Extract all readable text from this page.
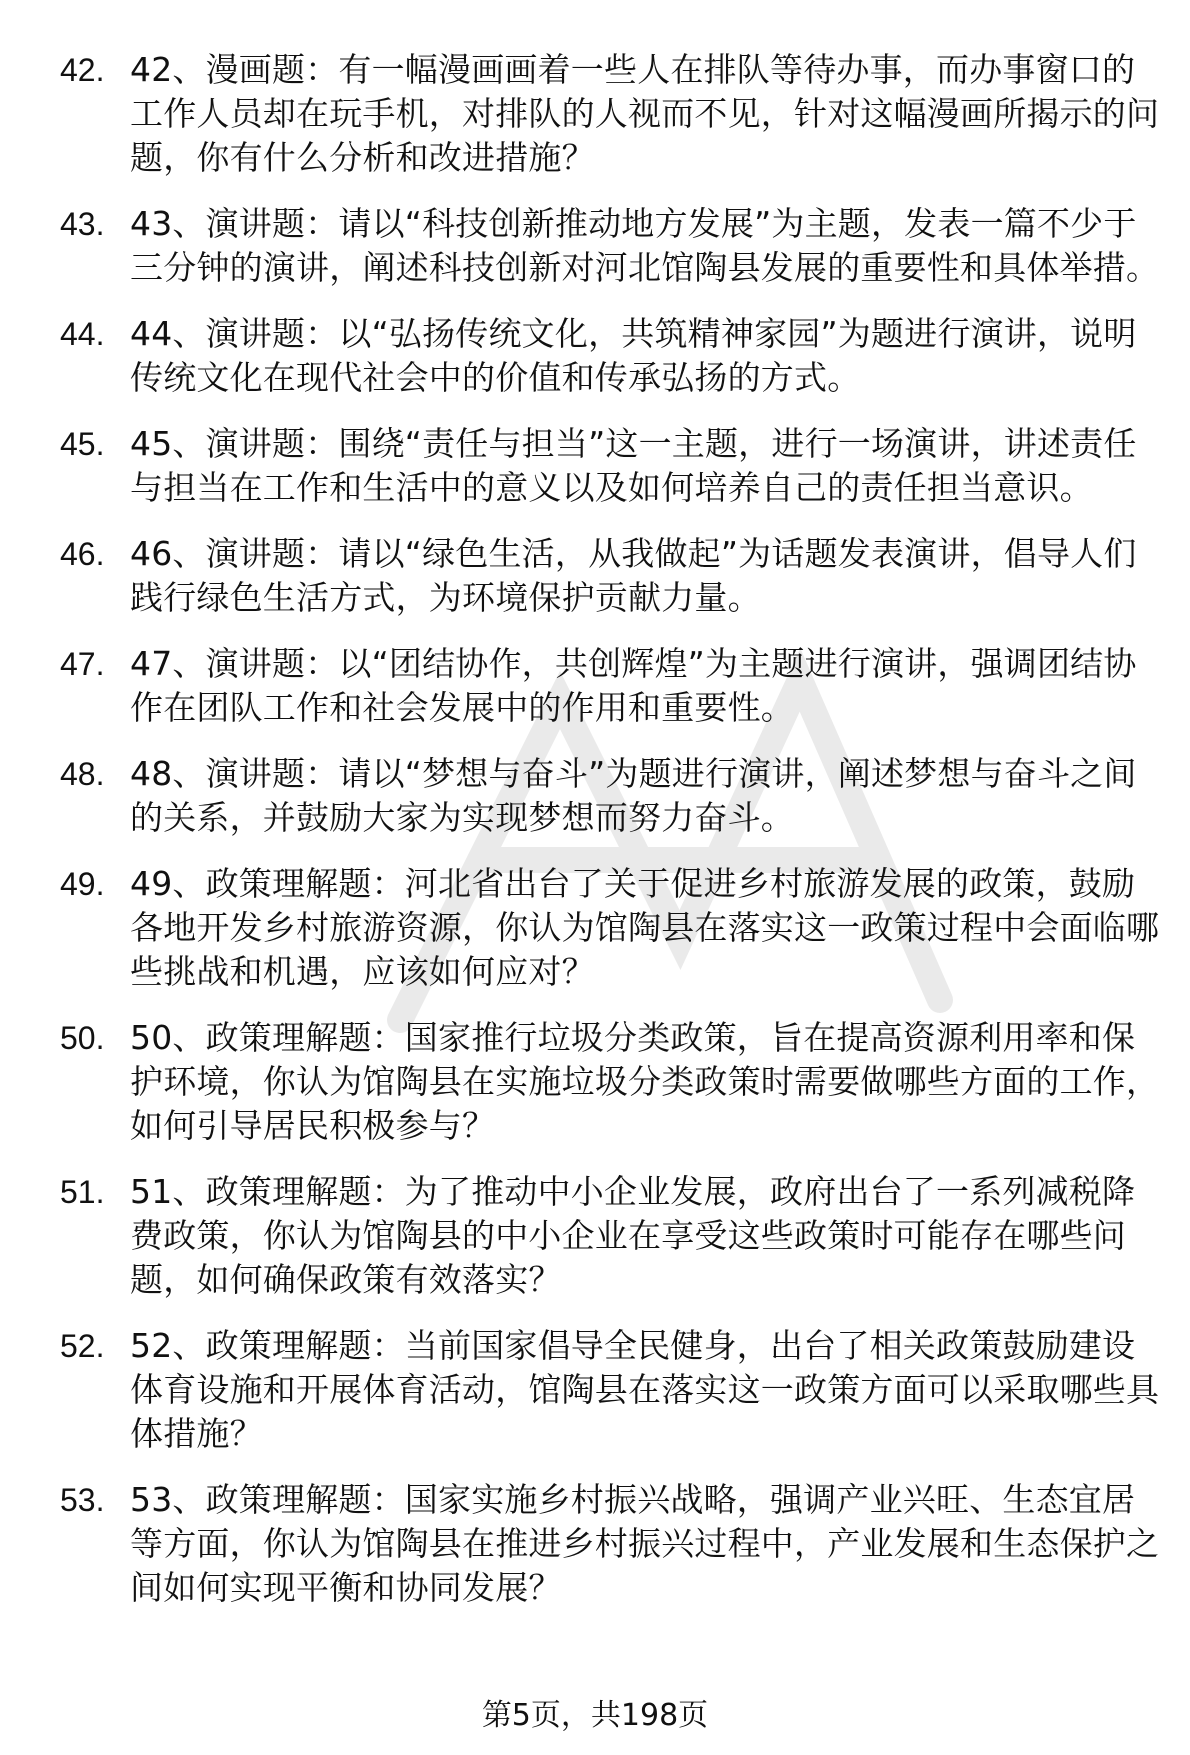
42. 42、漫画题：有一幅漫画画着一些人在排队等待办事，而办事窗口的工作人员却在玩手机，对排队的人视而不见，针对这幅漫画所揭示的问题，你有什么分析和改进措施？
43. 43、演讲题：请以“科技创新推动地方发展”为主题，发表一篇不少于三分钟的演讲，阐述科技创新对河北馆陶县发展的重要性和具体举措。
44. 44、演讲题：以“弘扬传统文化，共筑精神家园”为题进行演讲，说明传统文化在现代社会中的价值和传承弘扬的方式。
45. 45、演讲题：围绕“责任与担当”这一主题，进行一场演讲，讲述责任与担当在工作和生活中的意义以及如何培养自己的责任担当意识。
46. 46、演讲题：请以“绿色生活，从我做起”为话题发表演讲，倡导人们践行绿色生活方式，为环境保护贡献力量。
47. 47、演讲题：以“团结协作，共创辉煌”为主题进行演讲，强调团结协作在团队工作和社会发展中的作用和重要性。
48. 48、演讲题：请以“梦想与奋斗”为题进行演讲，阐述梦想与奋斗之间的关系，并鼓励大家为实现梦想而努力奋斗。
49. 49、政策理解题：河北省出台了关于促进乡村旅游发展的政策，鼓励各地开发乡村旅游资源，你认为馆陶县在落实这一政策过程中会面临哪些挑战和机遇，应该如何应对？
50. 50、政策理解题：国家推行垃圾分类政策，旨在提高资源利用率和保护环境，你认为馆陶县在实施垃圾分类政策时需要做哪些方面的工作，如何引导居民积极参与？
51. 51、政策理解题：为了推动中小企业发展，政府出台了一系列减税降费政策，你认为馆陶县的中小企业在享受这些政策时可能存在哪些问题，如何确保政策有效落实？
52. 52、政策理解题：当前国家倡导全民健身，出台了相关政策鼓励建设体育设施和开展体育活动，馆陶县在落实这一政策方面可以采取哪些具体措施？
53. 53、政策理解题：国家实施乡村振兴战略，强调产业兴旺、生态宜居等方面，你认为馆陶县在推进乡村振兴过程中，产业发展和生态保护之间如何实现平衡和协同发展？
第5页，共198页
